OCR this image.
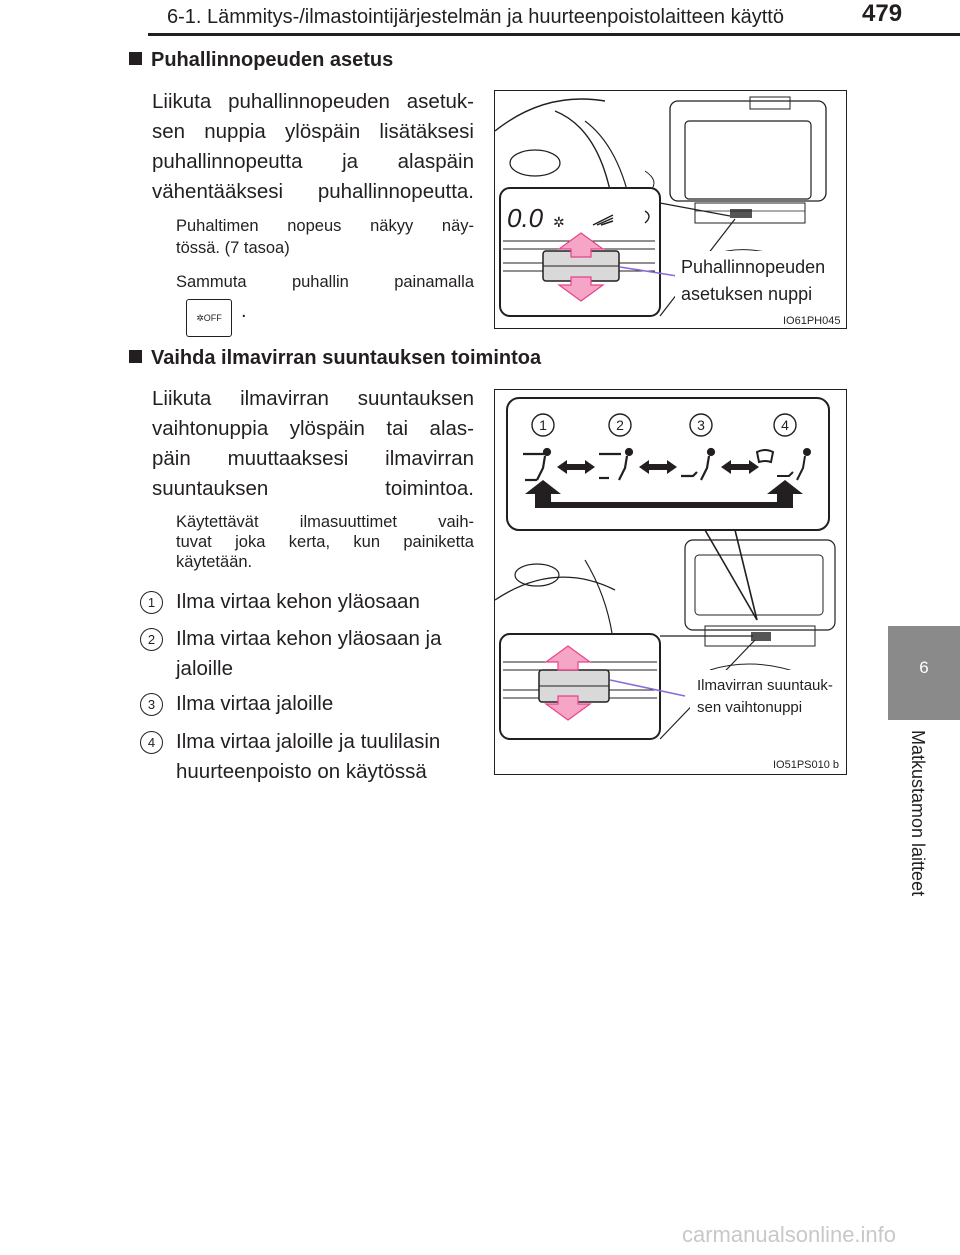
6-1. Lämmitys-/ilmastointijärjestelmän ja huurteenpoistolaitteen käyttö	479
6
Matkustamon laitteet
Puhallinnopeuden asetus
Liikuta puhallinnopeuden asetuk-
sen nuppia ylöspäin lisätäksesi
puhallinnopeutta ja alaspäin
vähentääksesi puhallinnopeutta.
Puhaltimen nopeus näkyy näy-
tössä. (7 tasoa)
Sammuta puhallin painamalla
✲OFF .
0.0 ✲
Puhallinnopeuden
asetuksen nuppi
IO61PH045
Vaihda ilmavirran suuntauksen toimintoa
Liikuta ilmavirran suuntauksen
vaihtonuppia ylöspäin tai alas-
päin muuttaaksesi ilmavirran
suuntauksen toimintoa.
Käytettävät ilmasuuttimet vaih-
tuvat joka kerta, kun painiketta
käytetään.
1	Ilma virtaa kehon yläosaan
2	Ilma virtaa kehon yläosaan ja
jaloille
3	Ilma virtaa jaloille
4	Ilma virtaa jaloille ja tuulilasin
huurteenpoisto on käytössä
1	2	3	4
Ilmavirran suuntauk-
sen vaihtonuppi
IO51PS010 b
carmanualsonline.info
